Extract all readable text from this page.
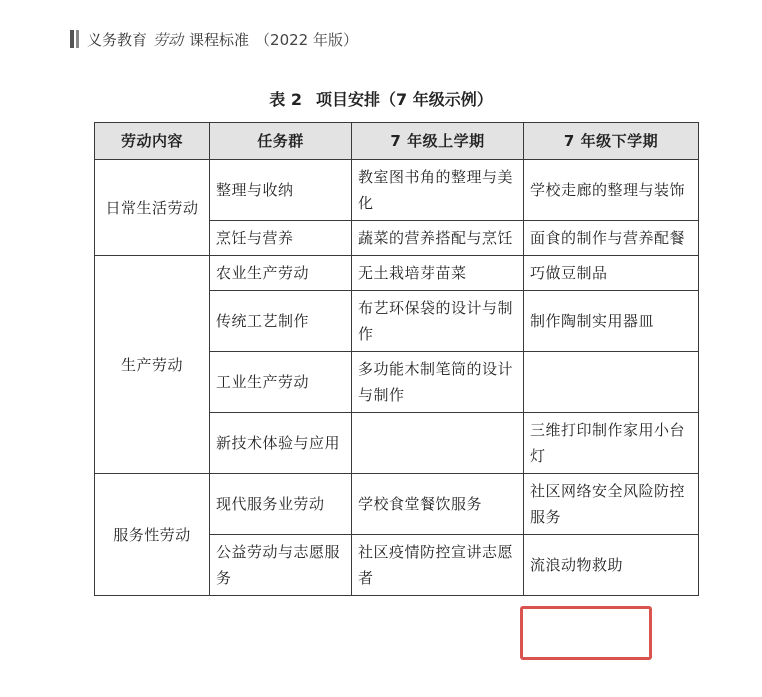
义务教育 劳动 课程标准 （2022 年版）
表 2 项目安排（7 年级示例）
劳动内容	任务群	7 年级上学期	7 年级下学期
日常生活劳动	整理与收纳	教室图书角的整理与美化	学校走廊的整理与装饰
	烹饪与营养	蔬菜的营养搭配与烹饪	面食的制作与营养配餐
生产劳动	农业生产劳动	无土栽培芽苗菜	巧做豆制品
	传统工艺制作	布艺环保袋的设计与制作	制作陶制实用器皿
	工业生产劳动	多功能木制笔筒的设计与制作	
	新技术体验与应用		三维打印制作家用小台灯
服务性劳动	现代服务业劳动	学校食堂餐饮服务	社区网络安全风险防控服务
	公益劳动与志愿服务	社区疫情防控宣讲志愿者	流浪动物救助
